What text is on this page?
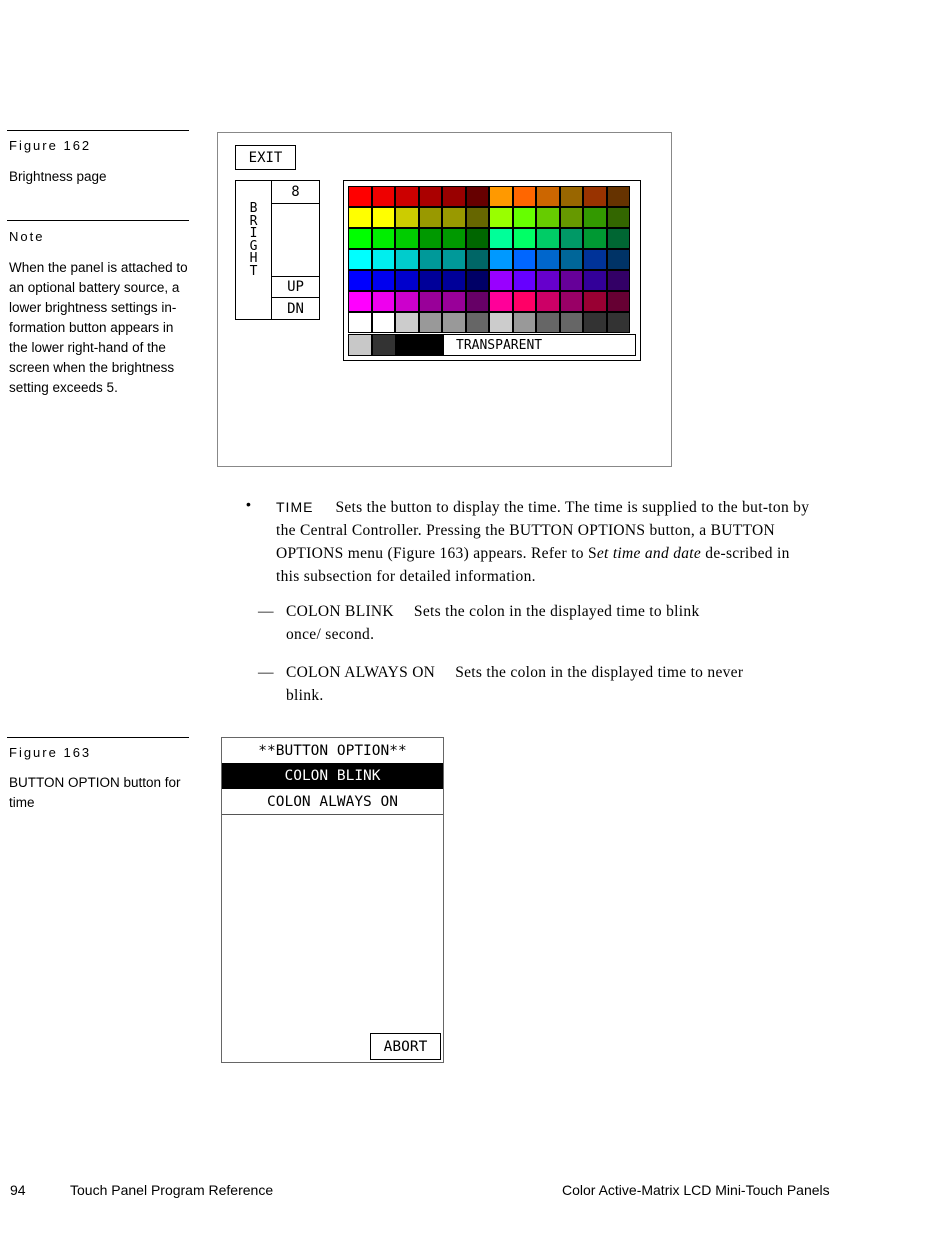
Figure 162
Brightness page
Note
When the panel is attached to an optional battery source, a lower brightness settings in-formation button appears in the lower right-hand of the screen when the brightness setting exceeds 5.
EXIT
B
R
I
G
H
T
8
UP
DN
TRANSPARENT
• TIME Sets the button to display the time. The time is supplied to the but-ton by the Central Controller. Pressing the BUTTON OPTIONS button, a BUTTON OPTIONS menu (Figure 163) appears. Refer to Set time and date de-scribed in this subsection for detailed information.
— COLON BLINK Sets the colon in the displayed time to blink
once/ second.
— COLON ALWAYS ON Sets the colon in the displayed time to never
blink.
Figure 163
BUTTON OPTION button for time
**BUTTON OPTION**
COLON BLINK
COLON ALWAYS ON
ABORT
94	Touch Panel Program Reference	Color Active-Matrix LCD Mini-Touch Panels
